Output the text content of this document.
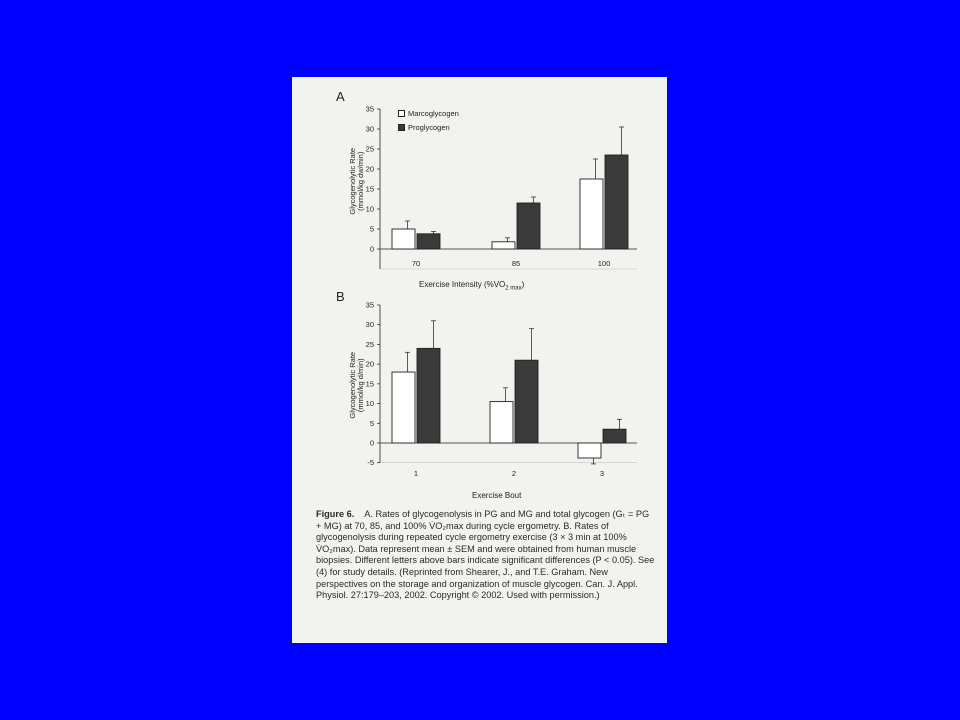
0
5
10
15
20
25
30
35
70	85	100
-5
0
5
10
15
20
25
30
35
1	2	3
A
Marcoglycogen
Proglycogen
Glycogenolytic Rate (mmol/kg dw/min)
Exercise Intensity $(\%VO_{2 max})$
B
Glycogenolytic Rate (mmol/kg d/min)
Exercise Bout
Figure 6. A. Rates of glycogenolysis in PG and MG and total glycogen (Gₜ = PG + MG) at 70, 85, and 100% V̇O₂max during cycle ergometry. B. Rates of glycogenolysis during repeated cycle ergometry exercise (3 × 3 min at 100% V̇O₂max). Data represent mean ± SEM and were obtained from human muscle biopsies. Different letters above bars indicate significant differences (P < 0.05). See (4) for study details. (Reprinted from Shearer, J., and T.E. Graham. New perspectives on the storage and organization of muscle glycogen. Can. J. Appl. Physiol. 27:179–203, 2002. Copyright © 2002. Used with permission.)
